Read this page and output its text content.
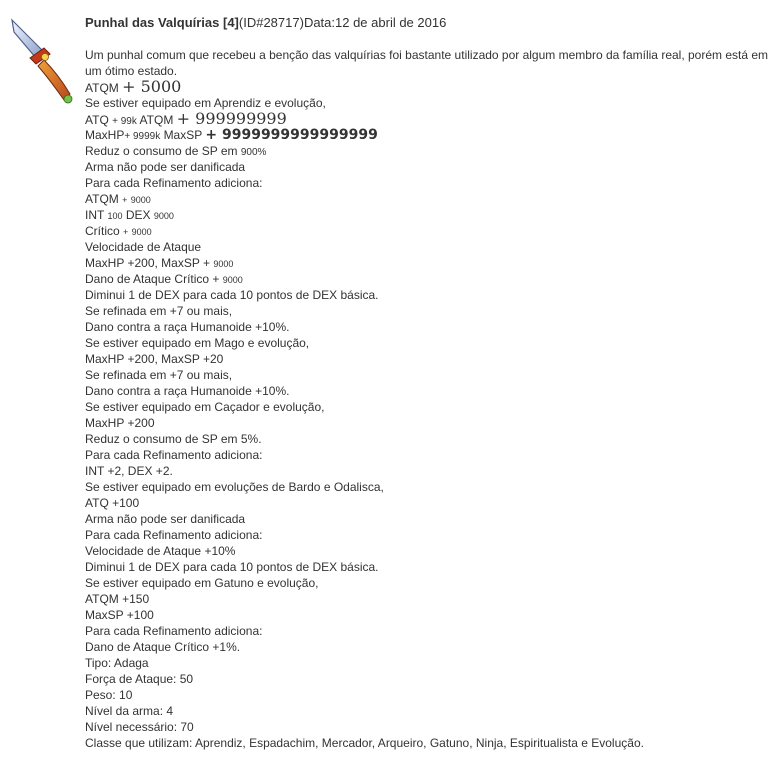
Punhal das Valquírias [4](ID#28717)Data:12 de abril de 2016
Um punhal comum que recebeu a benção das valquírias foi bastante utilizado por algum membro da família real, porém está em um ótimo estado.
ATQM + 5000
Se estiver equipado em Aprendiz e evolução,
ATQ + 99k ATQM + 999999999
MaxHP+ 9999k MaxSP + 9999999999999999
Reduz o consumo de SP em 900%
Arma não pode ser danificada
Para cada Refinamento adiciona:
ATQM + 9000
INT 100 DEX 9000
Crítico + 9000
Velocidade de Ataque
MaxHP +200, MaxSP + 9000
Dano de Ataque Crítico + 9000
Diminui 1 de DEX para cada 10 pontos de DEX básica.
Se refinada em +7 ou mais,
Dano contra a raça Humanoide +10%.
Se estiver equipado em Mago e evolução,
MaxHP +200, MaxSP +20
Se refinada em +7 ou mais,
Dano contra a raça Humanoide +10%.
Se estiver equipado em Caçador e evolução,
MaxHP +200
Reduz o consumo de SP em 5%.
Para cada Refinamento adiciona:
INT +2, DEX +2.
Se estiver equipado em evoluções de Bardo e Odalisca,
ATQ +100
Arma não pode ser danificada
Para cada Refinamento adiciona:
Velocidade de Ataque +10%
Diminui 1 de DEX para cada 10 pontos de DEX básica.
Se estiver equipado em Gatuno e evolução,
ATQM +150
MaxSP +100
Para cada Refinamento adiciona:
Dano de Ataque Crítico +1%.
Tipo: Adaga
Força de Ataque: 50
Peso: 10
Nível da arma: 4
Nível necessário: 70
Classe que utilizam: Aprendiz, Espadachim, Mercador, Arqueiro, Gatuno, Ninja, Espiritualista e Evolução.
